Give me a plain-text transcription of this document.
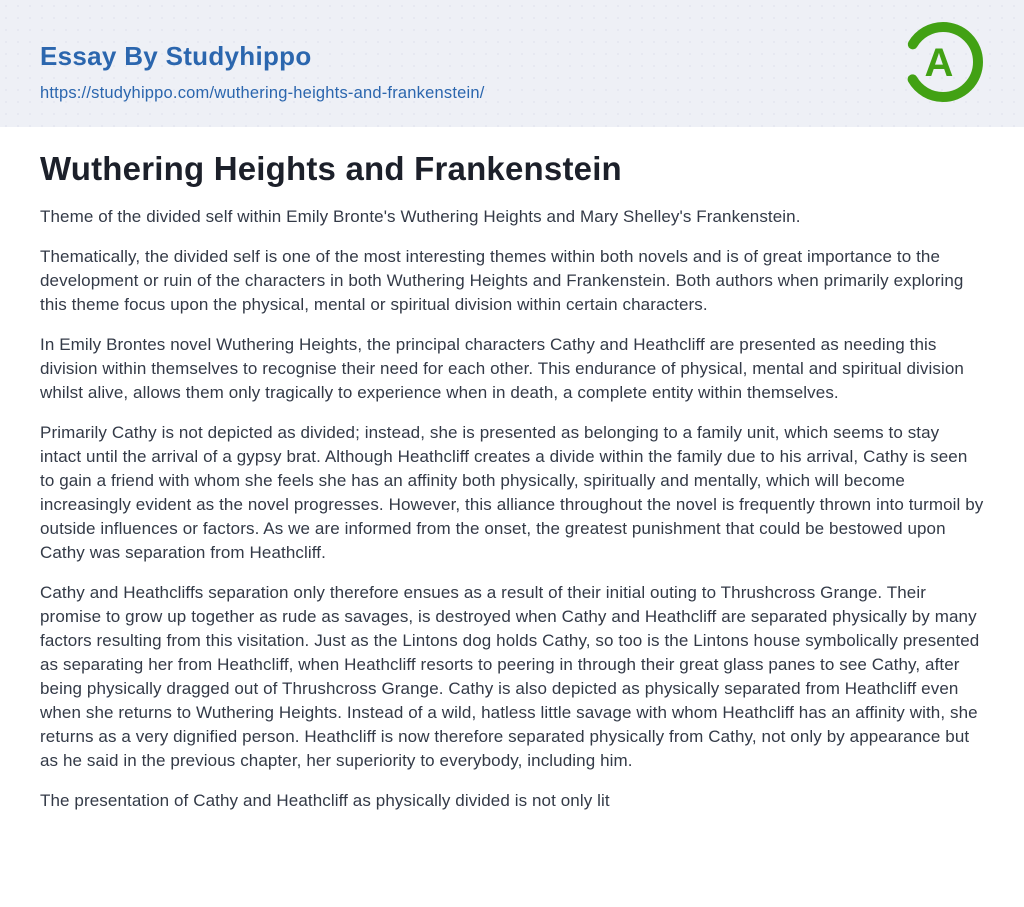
Essay By Studyhippo
https://studyhippo.com/wuthering-heights-and-frankenstein/
A
Wuthering Heights and Frankenstein

Theme of the divided self within Emily Bronte's Wuthering Heights and Mary Shelley's Frankenstein.

Thematically, the divided self is one of the most interesting themes within both novels and is of great importance to the development or ruin of the characters in both Wuthering Heights and Frankenstein. Both authors when primarily exploring this theme focus upon the physical, mental or spiritual division within certain characters.

In Emily Brontes novel Wuthering Heights, the principal characters Cathy and Heathcliff are presented as needing this division within themselves to recognise their need for each other. This endurance of physical, mental and spiritual division whilst alive, allows them only tragically to experience when in death, a complete entity within themselves.

Primarily Cathy is not depicted as divided; instead, she is presented as belonging to a family unit, which seems to stay intact until the arrival of a gypsy brat. Although Heathcliff creates a divide within the family due to his arrival, Cathy is seen to gain a friend with whom she feels she has an affinity both physically, spiritually and mentally, which will become increasingly evident as the novel progresses. However, this alliance throughout the novel is frequently thrown into turmoil by outside influences or factors. As we are informed from the onset, the greatest punishment that could be bestowed upon Cathy was separation from Heathcliff.

Cathy and Heathcliffs separation only therefore ensues as a result of their initial outing to Thrushcross Grange. Their promise to grow up together as rude as savages, is destroyed when Cathy and Heathcliff are separated physically by many factors resulting from this visitation. Just as the Lintons dog holds Cathy, so too is the Lintons house symbolically presented as separating her from Heathcliff, when Heathcliff resorts to peering in through their great glass panes to see Cathy, after being physically dragged out of Thrushcross Grange. Cathy is also depicted as physically separated from Heathcliff even when she returns to Wuthering Heights. Instead of a wild, hatless little savage with whom Heathcliff has an affinity with, she returns as a very dignified person. Heathcliff is now therefore separated physically from Cathy, not only by appearance but as he said in the previous chapter, her superiority to everybody, including him.

The presentation of Cathy and Heathcliff as physically divided is not only lit
